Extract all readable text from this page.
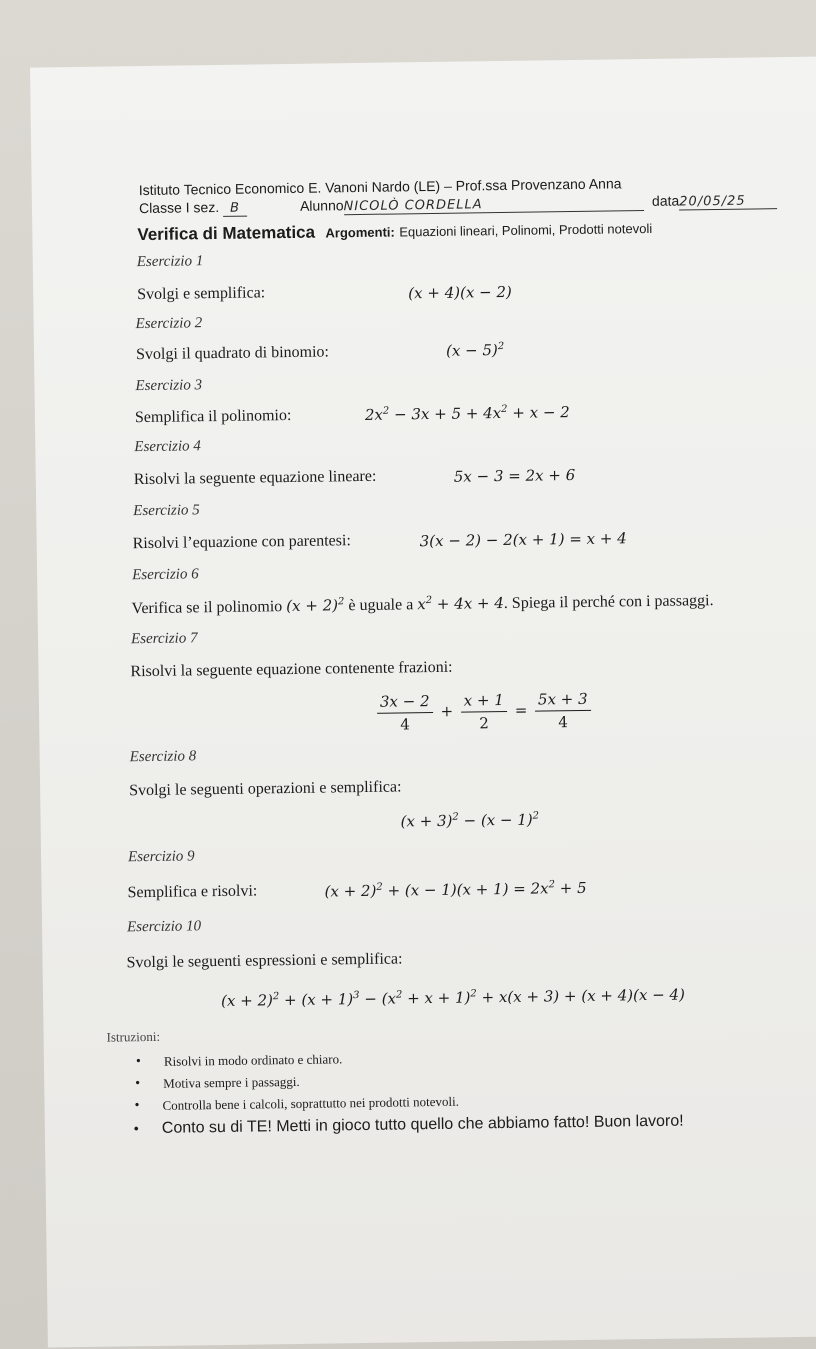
Istituto Tecnico Economico E. Vanoni Nardo (LE) – Prof.ssa Provenzano Anna
Classe I sez. B	AlunnoNICOLÒ CORDELLA	data20/05/25
Verifica di Matematica Argomenti: Equazioni lineari, Polinomi, Prodotti notevoli
Esercizio 1
Svolgi e semplifica:	(x + 4)(x − 2)
Esercizio 2
Svolgi il quadrato di binomio:	$(x - 5)^2$
Esercizio 3
Semplifica il polinomio:	$2x^2 - 3x + 5 + 4x^2 + x - 2$
Esercizio 4
Risolvi la seguente equazione lineare:	5x − 3 = 2x + 6
Esercizio 5
Risolvi l’equazione con parentesi:	3(x − 2) − 2(x + 1) = x + 4
Esercizio 6
Verifica se il polinomio $(x + 2)^2$ è uguale a $x^2 + 4x + 4$. Spiega il perché con i passaggi.
Esercizio 7
Risolvi la seguente equazione contenente frazioni:
$\frac{3x - 2}{4} + \frac{x + 1}{2} = \frac{5x + 3}{4}$
Esercizio 8
Svolgi le seguenti operazioni e semplifica:
$(x + 3)^2 - (x - 1)^2$
Esercizio 9
Semplifica e risolvi:	$(x + 2)^2 + (x - 1)(x + 1) = 2x^2 + 5$
Esercizio 10
Svolgi le seguenti espressioni e semplifica:
$(x + 2)^2 + (x + 1)^3 - (x^2 + x + 1)^2 + x(x + 3) + (x + 4)(x - 4)$
Istruzioni:
• Risolvi in modo ordinato e chiaro.
• Motiva sempre i passaggi.
• Controlla bene i calcoli, soprattutto nei prodotti notevoli.
• Conto su di TE! Metti in gioco tutto quello che abbiamo fatto! Buon lavoro!
